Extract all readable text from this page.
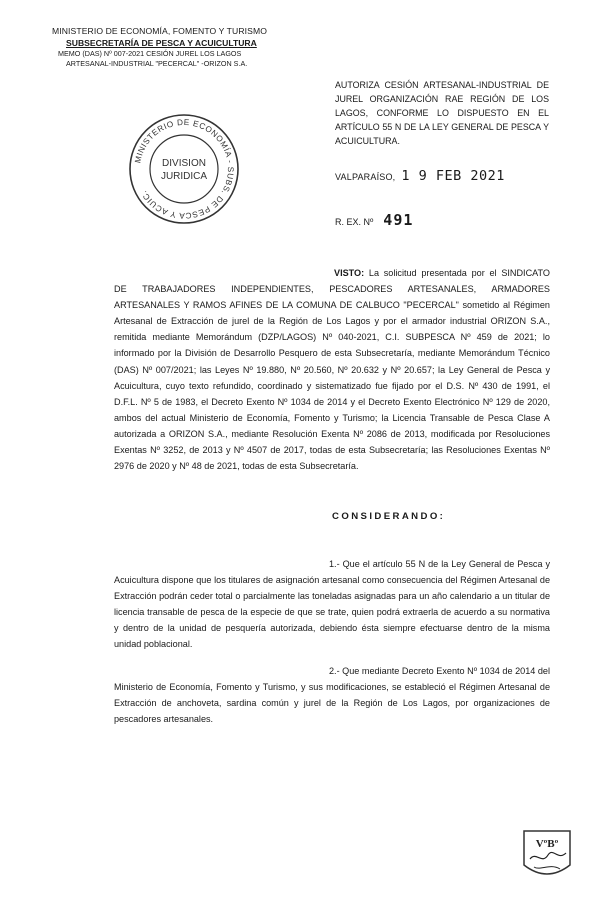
MINISTERIO DE ECONOMÍA, FOMENTO Y TURISMO
SUBSECRETARÍA DE PESCA Y ACUICULTURA
MEMO (DAS) Nº 007-2021 CESIÓN JUREL LOS LAGOS
ARTESANAL-INDUSTRIAL "PECERCAL" -ORIZON S.A.
AUTORIZA CESIÓN ARTESANAL-INDUSTRIAL DE JUREL ORGANIZACIÓN RAE REGIÓN DE LOS LAGOS, CONFORME LO DISPUESTO EN EL ARTÍCULO 55 N DE LA LEY GENERAL DE PESCA Y ACUICULTURA.
MINISTERIO DE ECONOMÍA - SUBS. DE PESCA Y ACUIC.
DIVISION
JURIDICA	VALPARAÍSO, 1 9 FEB 2021
R. EX. Nº 491
VISTO: La solicitud presentada por el SINDICATO DE TRABAJADORES INDEPENDIENTES, PESCADORES ARTESANALES, ARMADORES ARTESANALES Y RAMOS AFINES DE LA COMUNA DE CALBUCO "PECERCAL" sometido al Régimen Artesanal de Extracción de jurel de la Región de Los Lagos y por el armador industrial ORIZON S.A., remitida mediante Memorándum (DZP/LAGOS) Nº 040-2021, C.I. SUBPESCA Nº 459 de 2021; lo informado por la División de Desarrollo Pesquero de esta Subsecretaría, mediante Memorándum Técnico (DAS) Nº 007/2021; las Leyes Nº 19.880, Nº 20.560, Nº 20.632 y Nº 20.657; la Ley General de Pesca y Acuicultura, cuyo texto refundido, coordinado y sistematizado fue fijado por el D.S. Nº 430 de 1991, el D.F.L. Nº 5 de 1983, el Decreto Exento Nº 1034 de 2014 y el Decreto Exento Electrónico Nº 129 de 2020, ambos del actual Ministerio de Economía, Fomento y Turismo; la Licencia Transable de Pesca Clase A autorizada a ORIZON S.A., mediante Resolución Exenta Nº 2086 de 2013, modificada por Resoluciones Exentas Nº 3252, de 2013 y Nº 4507 de 2017, todas de esta Subsecretaría; las Resoluciones Exentas Nº 2976 de 2020 y Nº 48 de 2021, todas de esta Subsecretaría.
CONSIDERANDO:
1.- Que el artículo 55 N de la Ley General de Pesca y Acuicultura dispone que los titulares de asignación artesanal como consecuencia del Régimen Artesanal de Extracción podrán ceder total o parcialmente las toneladas asignadas para un año calendario a un titular de licencia transable de pesca de la especie de que se trate, quien podrá extraerla de acuerdo a su normativa y dentro de la unidad de pesquería autorizada, debiendo ésta siempre efectuarse dentro de la misma unidad poblacional.
2.- Que mediante Decreto Exento Nº 1034 de 2014 del Ministerio de Economía, Fomento y Turismo, y sus modificaciones, se estableció el Régimen Artesanal de Extracción de anchoveta, sardina común y jurel de la Región de Los Lagos, por organizaciones de pescadores artesanales.
VºBº
